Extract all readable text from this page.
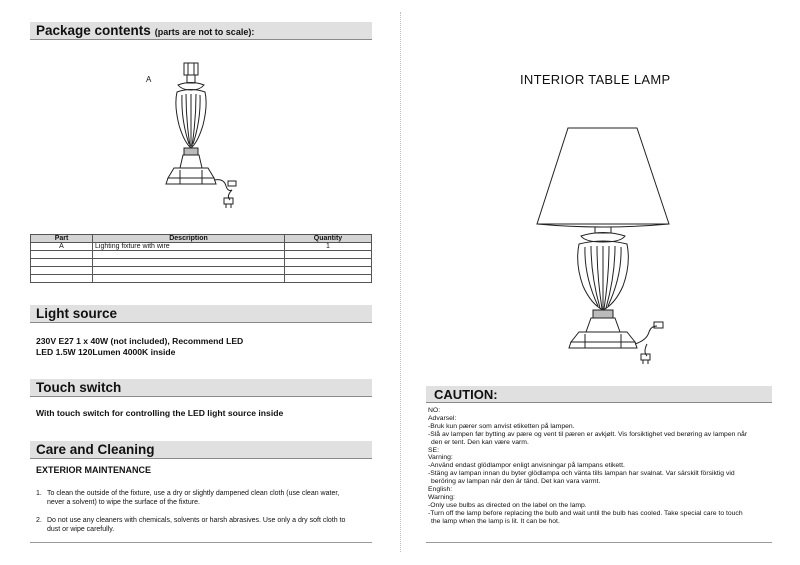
Package contents (parts are not to scale):
A
Part	Description	Quantity
A	Lighting fixture with wire	1

Light source
230V E27 1 x 40W (not included), Recommend LED
LED 1.5W 120Lumen 4000K inside
Touch switch
With touch switch for controlling the LED light source inside
Care and Cleaning
EXTERIOR MAINTENANCE
1. To clean the outside of the fixture, use a dry or slightly dampened clean cloth (use clean water,
never a solvent) to wipe the surface of the fixture.
2. Do not use any cleaners with chemicals, solvents or harsh abrasives. Use only a dry soft cloth to
dust or wipe carefully.
INTERIOR TABLE LAMP
CAUTION:
NO:
Advarsel:
-Bruk kun pærer som anvist etiketten på lampen.
-Slå av lampen før bytting av pære og vent til pæren er avkjølt. Vis forsiktighet ved berøring av lampen når
den er tent. Den kan være varm.
SE:
Varning:
-Använd endast glödlampor enligt anvisningar på lampans etikett.
-Stäng av lampan innan du byter glödlampa och vänta tills lampan har svalnat. Var särskilt försiktig vid
beröring av lampan när den är tänd. Det kan vara varmt.
English:
Warning:
-Only use bulbs as directed on the label on the lamp.
-Turn off the lamp before replacing the bulb and wait until the bulb has cooled. Take special care to touch
the lamp when the lamp is lit. It can be hot.
